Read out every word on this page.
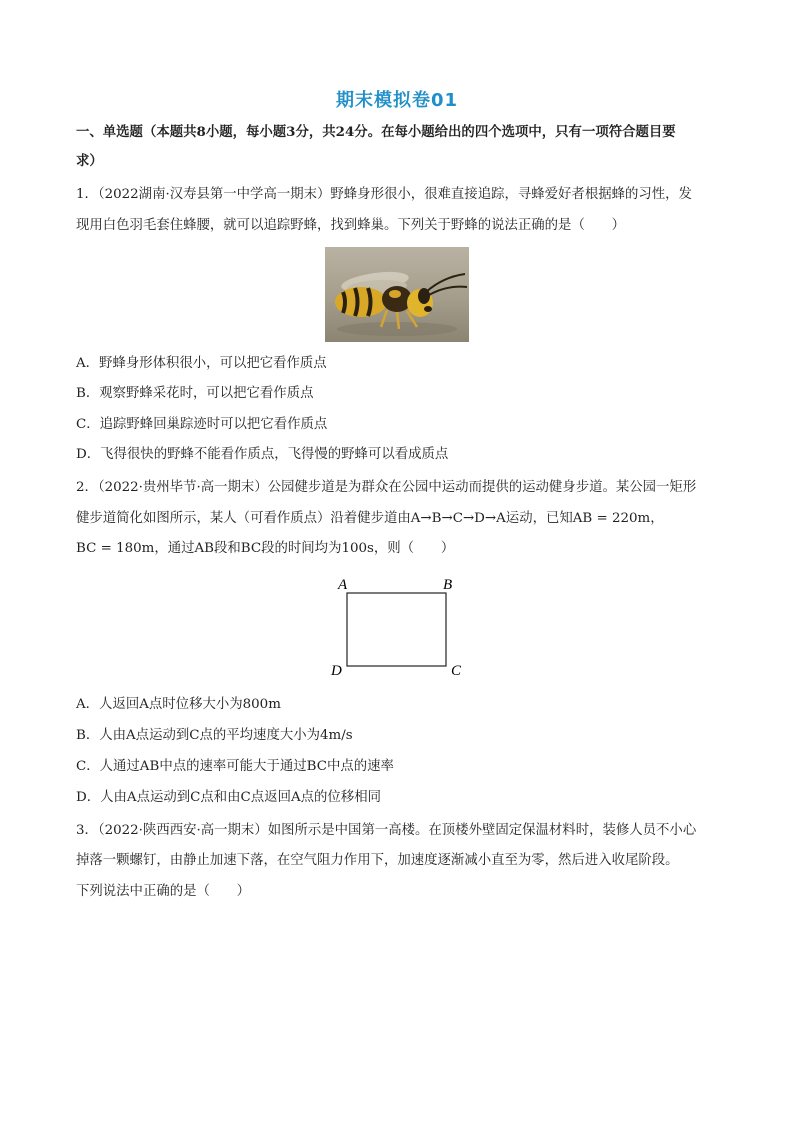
期末模拟卷01
一、单选题（本题共8小题，每小题3分，共24分。在每小题给出的四个选项中，只有一项符合题目要
求）
1．（2022湖南·汉寿县第一中学高一期末）野蜂身形很小，很难直接追踪，寻蜂爱好者根据蜂的习性，发
现用白色羽毛套住蜂腰，就可以追踪野蜂，找到蜂巢。下列关于野蜂的说法正确的是（　　）
A．野蜂身形体积很小，可以把它看作质点
B．观察野蜂采花时，可以把它看作质点
C．追踪野蜂回巢踪迹时可以把它看作质点
D．飞得很快的野蜂不能看作质点，飞得慢的野蜂可以看成质点
2．（2022·贵州毕节·高一期末）公园健步道是为群众在公园中运动而提供的运动健身步道。某公园一矩形
健步道简化如图所示，某人（可看作质点）沿着健步道由A→B→C→D→A运动，已知AB = 220m，
BC = 180m，通过AB段和BC段的时间均为100s，则（　　）
A	B
C
D
A．人返回A点时位移大小为800m
B．人由A点运动到C点的平均速度大小为4m/s
C．人通过AB中点的速率可能大于通过BC中点的速率
D．人由A点运动到C点和由C点返回A点的位移相同
3．（2022·陕西西安·高一期末）如图所示是中国第一高楼。在顶楼外壁固定保温材料时，装修人员不小心
掉落一颗螺钉，由静止加速下落，在空气阻力作用下，加速度逐渐减小直至为零，然后进入收尾阶段。
下列说法中正确的是（　　）
